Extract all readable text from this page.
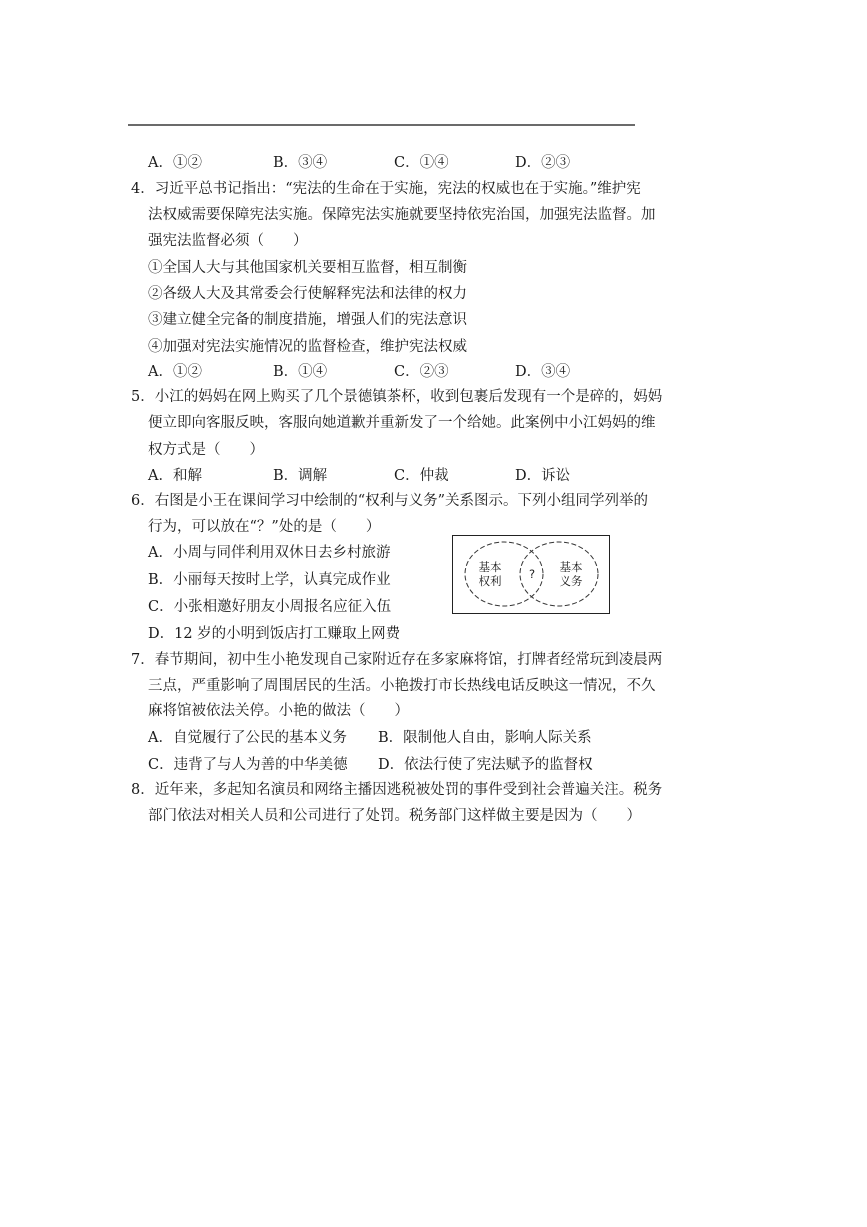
A．①②	B．③④	C．①④	D．②③
4．习近平总书记指出：“宪法的生命在于实施，宪法的权威也在于实施。”维护宪
法权威需要保障宪法实施。保障宪法实施就要坚持依宪治国，加强宪法监督。加
强宪法监督必须（　　）
①全国人大与其他国家机关要相互监督，相互制衡
②各级人大及其常委会行使解释宪法和法律的权力
③建立健全完备的制度措施，增强人们的宪法意识
④加强对宪法实施情况的监督检查，维护宪法权威
A．①②	B．①④	C．②③	D．③④
5．小江的妈妈在网上购买了几个景德镇茶杯，收到包裹后发现有一个是碎的，妈妈
便立即向客服反映，客服向她道歉并重新发了一个给她。此案例中小江妈妈的维
权方式是（　　）
A．和解	B．调解	C．仲裁	D．诉讼
6．右图是小王在课间学习中绘制的“权利与义务”关系图示。下列小组同学列举的
行为，可以放在“？”处的是（　　）
A．小周与同伴利用双休日去乡村旅游
B．小丽每天按时上学，认真完成作业
C．小张相邀好朋友小周报名应征入伍
D．12 岁的小明到饭店打工赚取上网费
基本
权利	?	基本
义务
7．春节期间，初中生小艳发现自己家附近存在多家麻将馆，打牌者经常玩到凌晨两
三点，严重影响了周围居民的生活。小艳拨打市长热线电话反映这一情况，不久
麻将馆被依法关停。小艳的做法（　　）
A．自觉履行了公民的基本义务 B．限制他人自由，影响人际关系
C．违背了与人为善的中华美德 D．依法行使了宪法赋予的监督权
8．近年来，多起知名演员和网络主播因逃税被处罚的事件受到社会普遍关注。税务
部门依法对相关人员和公司进行了处罚。税务部门这样做主要是因为（　　）
